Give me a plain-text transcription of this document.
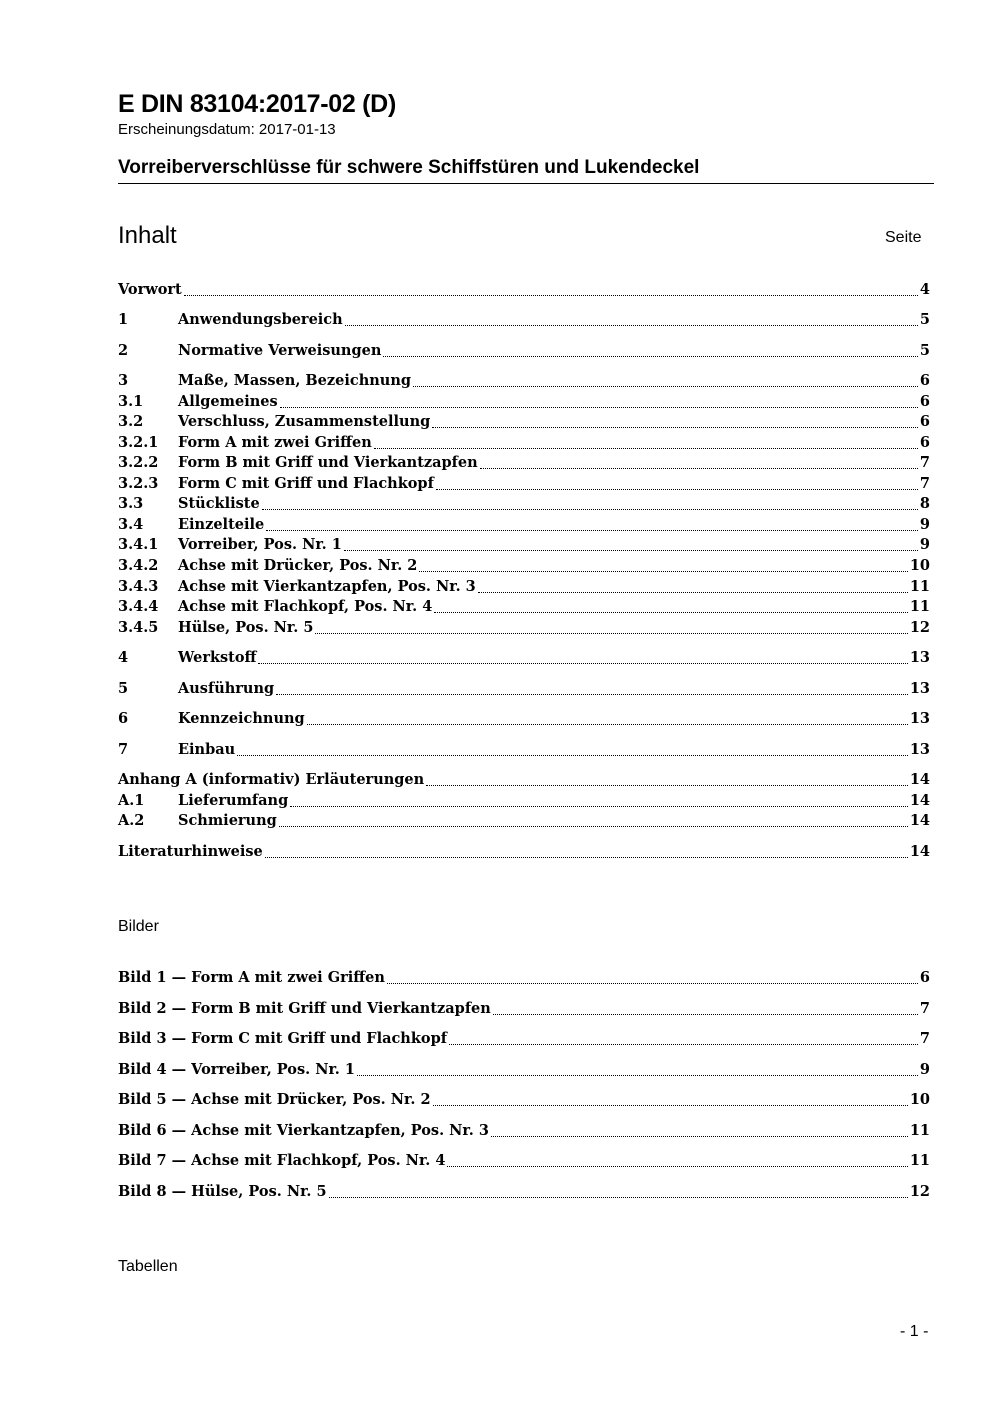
E DIN 83104:2017-02 (D)
Erscheinungsdatum: 2017-01-13
Vorreiberverschlüsse für schwere Schiffstüren und Lukendeckel
Inhalt	Seite
Vorwort	4
1	Anwendungsbereich	5
2	Normative Verweisungen	5
3	Maße, Massen, Bezeichnung	6
3.1	Allgemeines	6
3.2	Verschluss, Zusammenstellung	6
3.2.1	Form A mit zwei Griffen	6
3.2.2	Form B mit Griff und Vierkantzapfen	7
3.2.3	Form C mit Griff und Flachkopf	7
3.3	Stückliste	8
3.4	Einzelteile	9
3.4.1	Vorreiber, Pos. Nr. 1	9
3.4.2	Achse mit Drücker, Pos. Nr. 2	10
3.4.3	Achse mit Vierkantzapfen, Pos. Nr. 3	11
3.4.4	Achse mit Flachkopf, Pos. Nr. 4	11
3.4.5	Hülse, Pos. Nr. 5	12
4	Werkstoff	13
5	Ausführung	13
6	Kennzeichnung	13
7	Einbau	13
Anhang A (informativ) Erläuterungen	14
A.1	Lieferumfang	14
A.2	Schmierung	14
Literaturhinweise	14
Bilder
Bild 1 — Form A mit zwei Griffen	6
Bild 2 — Form B mit Griff und Vierkantzapfen	7
Bild 3 — Form C mit Griff und Flachkopf	7
Bild 4 — Vorreiber, Pos. Nr. 1	9
Bild 5 — Achse mit Drücker, Pos. Nr. 2	10
Bild 6 — Achse mit Vierkantzapfen, Pos. Nr. 3	11
Bild 7 — Achse mit Flachkopf, Pos. Nr. 4	11
Bild 8 — Hülse, Pos. Nr. 5	12
Tabellen
- 1 -
